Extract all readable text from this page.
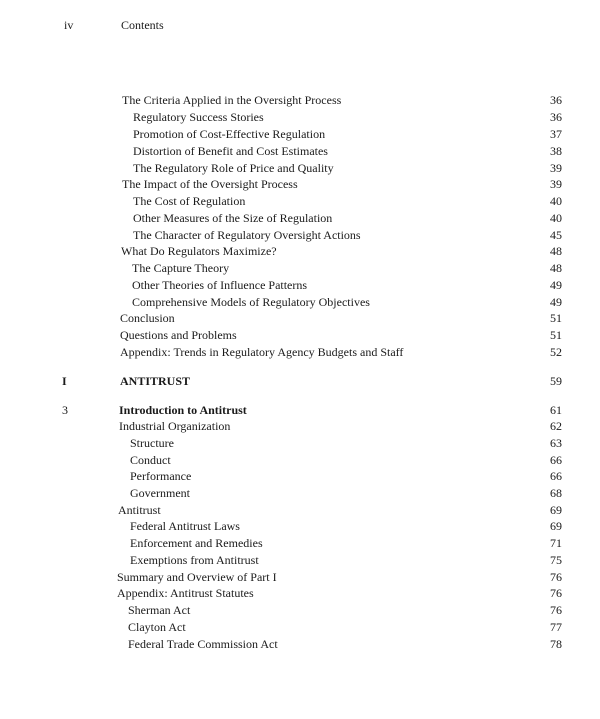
iv	Contents
The Criteria Applied in the Oversight Process	36
Regulatory Success Stories	36
Promotion of Cost-Effective Regulation	37
Distortion of Benefit and Cost Estimates	38
The Regulatory Role of Price and Quality	39
The Impact of the Oversight Process	39
The Cost of Regulation	40
Other Measures of the Size of Regulation	40
The Character of Regulatory Oversight Actions	45
What Do Regulators Maximize?	48
The Capture Theory	48
Other Theories of Influence Patterns	49
Comprehensive Models of Regulatory Objectives	49
Conclusion	51
Questions and Problems	51
Appendix: Trends in Regulatory Agency Budgets and Staff	52
I	ANTITRUST	59
3	Introduction to Antitrust	61
Industrial Organization	62
Structure	63
Conduct	66
Performance	66
Government	68
Antitrust	69
Federal Antitrust Laws	69
Enforcement and Remedies	71
Exemptions from Antitrust	75
Summary and Overview of Part I	76
Appendix: Antitrust Statutes	76
Sherman Act	76
Clayton Act	77
Federal Trade Commission Act	78
